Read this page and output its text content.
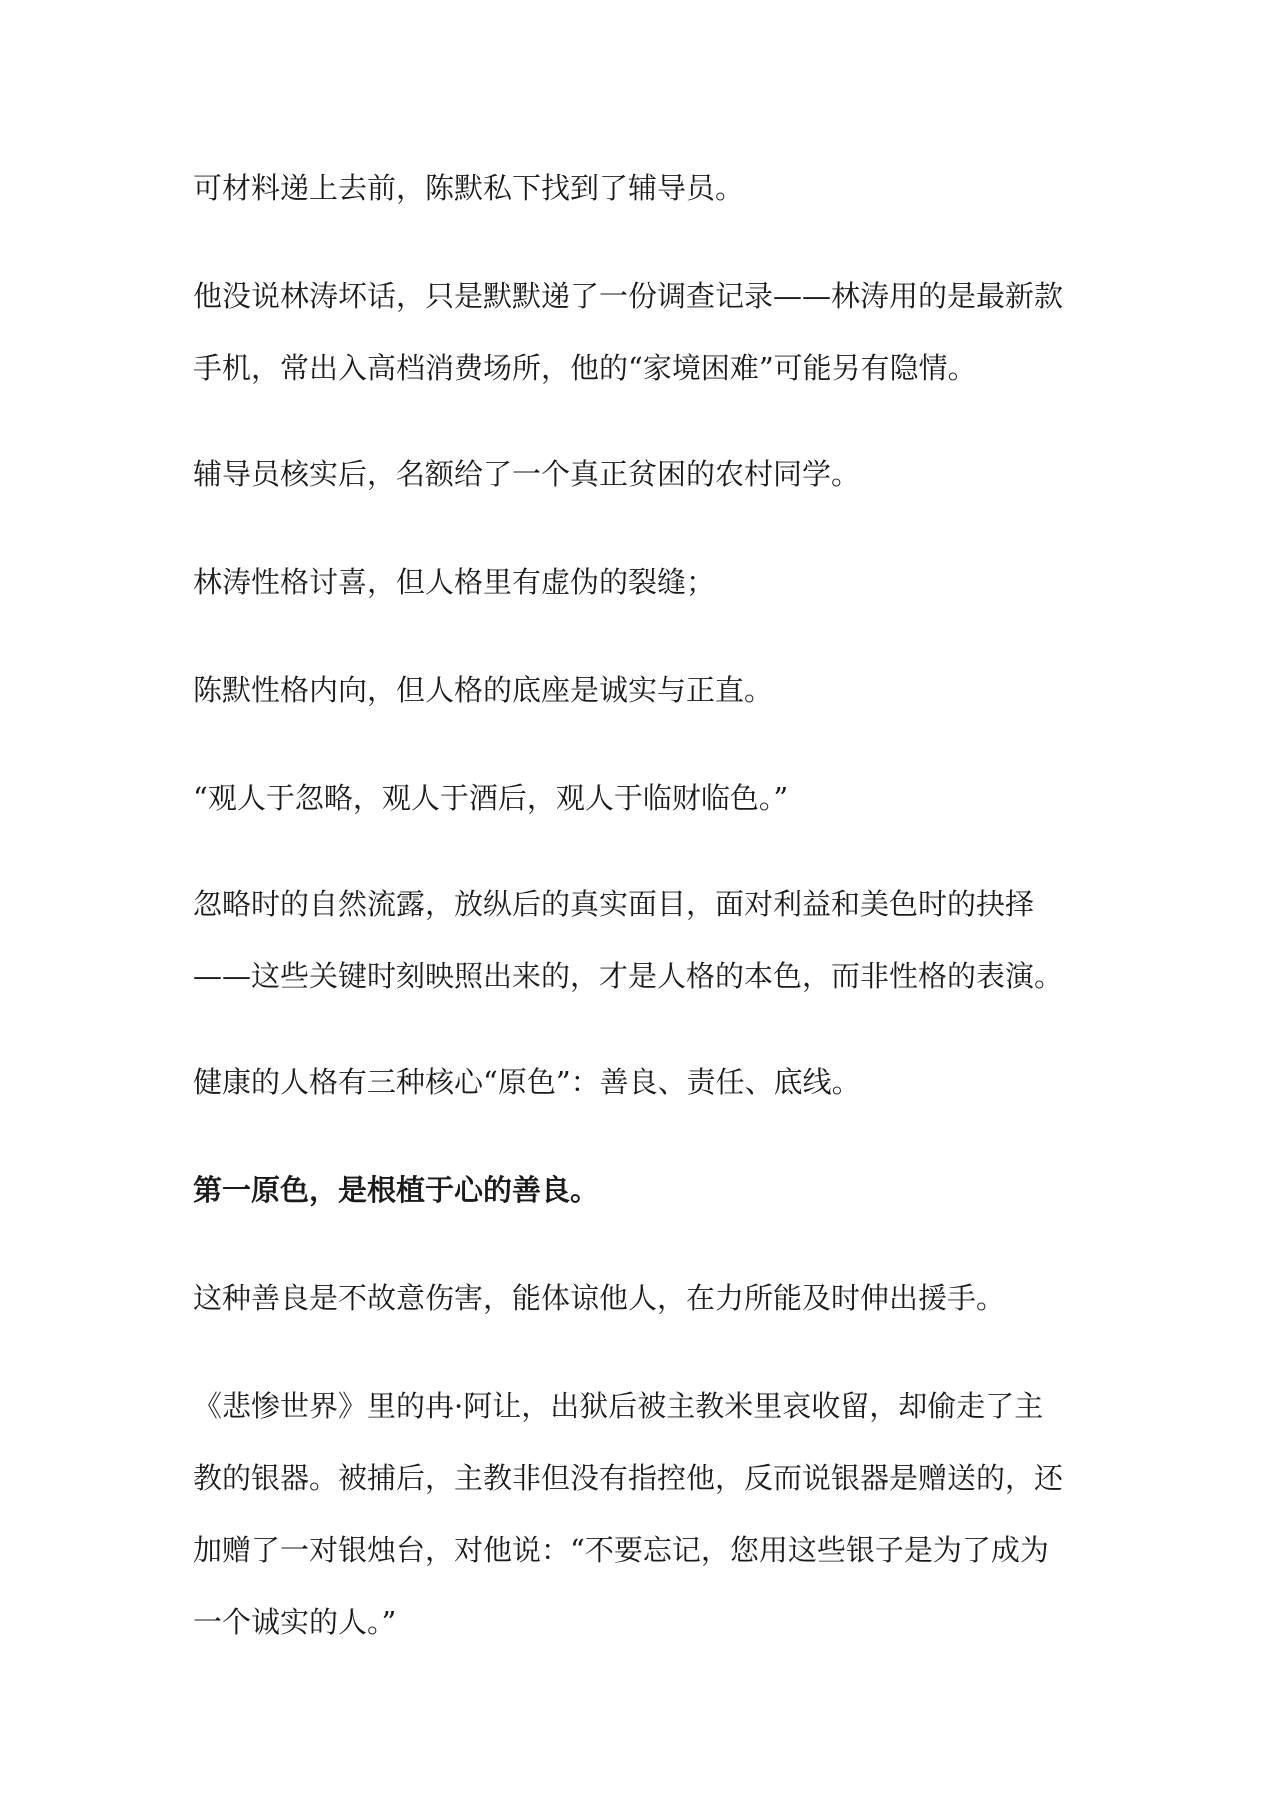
可材料递上去前，陈默私下找到了辅导员。
他没说林涛坏话，只是默默递了一份调查记录——林涛用的是最新款
手机，常出入高档消费场所，他的“家境困难”可能另有隐情。
辅导员核实后，名额给了一个真正贫困的农村同学。
林涛性格讨喜，但人格里有虚伪的裂缝；
陈默性格内向，但人格的底座是诚实与正直。
“观人于忽略，观人于酒后，观人于临财临色。”
忽略时的自然流露，放纵后的真实面目，面对利益和美色时的抉择
——这些关键时刻映照出来的，才是人格的本色，而非性格的表演。
健康的人格有三种核心“原色”：善良、责任、底线。
第一原色，是根植于心的善良。
这种善良是不故意伤害，能体谅他人，在力所能及时伸出援手。
《悲惨世界》里的冉·阿让，出狱后被主教米里哀收留，却偷走了主
教的银器。被捕后，主教非但没有指控他，反而说银器是赠送的，还
加赠了一对银烛台，对他说：“不要忘记，您用这些银子是为了成为
一个诚实的人。”
